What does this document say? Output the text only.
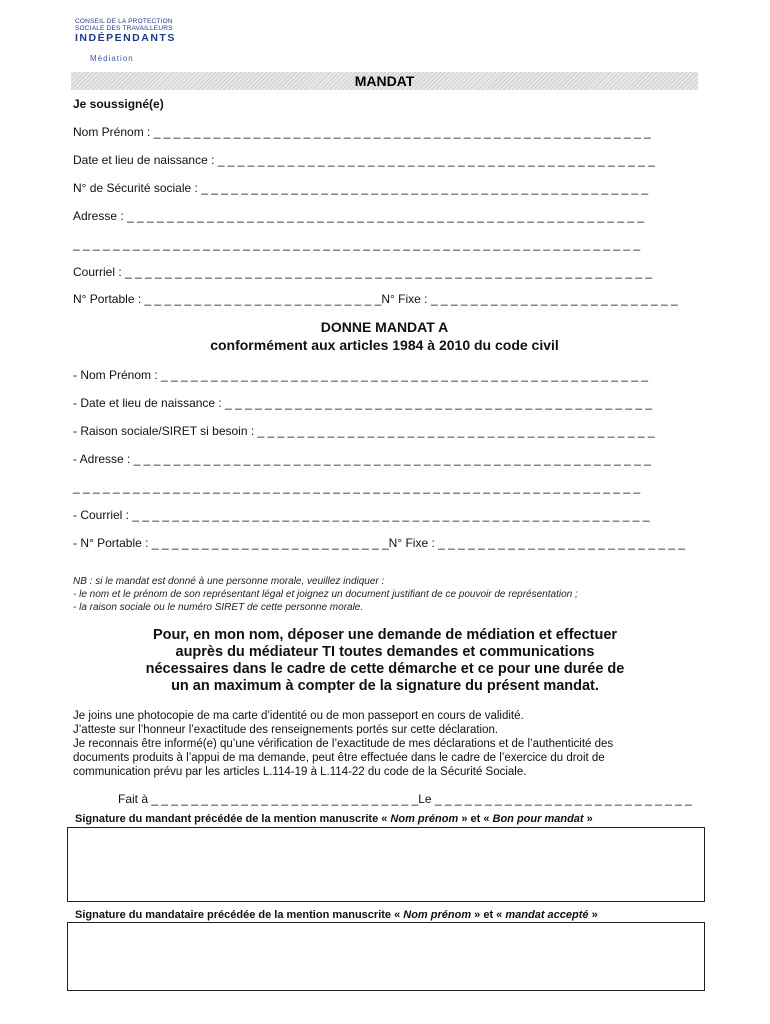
CONSEIL DE LA PROTECTION
SOCIALE DES TRAVAILLEURS
INDÉPENDANTS
Médiation
MANDAT
Je soussigné(e)
Nom Prénom : _ _ _ _ _ _ _ _ _ _ _ _ _ _ _ _ _ _ _ _ _ _ _ _ _ _ _ _ _ _ _ _ _ _ _ _ _ _ _ _ _ _ _ _ _ _ _ _ _ _
Date et lieu de naissance : _ _ _ _ _ _ _ _ _ _ _ _ _ _ _ _ _ _ _ _ _ _ _ _ _ _ _ _ _ _ _ _ _ _ _ _ _ _ _ _ _ _ _ _
N° de Sécurité sociale : _ _ _ _ _ _ _ _ _ _ _ _ _ _ _ _ _ _ _ _ _ _ _ _ _ _ _ _ _ _ _ _ _ _ _ _ _ _ _ _ _ _ _ _ _
Adresse : _ _ _ _ _ _ _ _ _ _ _ _ _ _ _ _ _ _ _ _ _ _ _ _ _ _ _ _ _ _ _ _ _ _ _ _ _ _ _ _ _ _ _ _ _ _ _ _ _ _ _ _
_ _ _ _ _ _ _ _ _ _ _ _ _ _ _ _ _ _ _ _ _ _ _ _ _ _ _ _ _ _ _ _ _ _ _ _ _ _ _ _ _ _ _ _ _ _ _ _ _ _ _ _ _ _ _ _ _
Courriel : _ _ _ _ _ _ _ _ _ _ _ _ _ _ _ _ _ _ _ _ _ _ _ _ _ _ _ _ _ _ _ _ _ _ _ _ _ _ _ _ _ _ _ _ _ _ _ _ _ _ _ _ _
N° Portable : _ _ _ _ _ _ _ _ _ _ _ _ _ _ _ _ _ _ _ _ _ _ _ _N° Fixe : _ _ _ _ _ _ _ _ _ _ _ _ _ _ _ _ _ _ _ _ _ _ _ _ _
DONNE MANDAT A
conformément aux articles 1984 à 2010 du code civil
- Nom Prénom : _ _ _ _ _ _ _ _ _ _ _ _ _ _ _ _ _ _ _ _ _ _ _ _ _ _ _ _ _ _ _ _ _ _ _ _ _ _ _ _ _ _ _ _ _ _ _ _ _
- Date et lieu de naissance : _ _ _ _ _ _ _ _ _ _ _ _ _ _ _ _ _ _ _ _ _ _ _ _ _ _ _ _ _ _ _ _ _ _ _ _ _ _ _ _ _ _ _
- Raison sociale/SIRET si besoin : _ _ _ _ _ _ _ _ _ _ _ _ _ _ _ _ _ _ _ _ _ _ _ _ _ _ _ _ _ _ _ _ _ _ _ _ _ _ _ _
- Adresse : _ _ _ _ _ _ _ _ _ _ _ _ _ _ _ _ _ _ _ _ _ _ _ _ _ _ _ _ _ _ _ _ _ _ _ _ _ _ _ _ _ _ _ _ _ _ _ _ _ _ _ _
_ _ _ _ _ _ _ _ _ _ _ _ _ _ _ _ _ _ _ _ _ _ _ _ _ _ _ _ _ _ _ _ _ _ _ _ _ _ _ _ _ _ _ _ _ _ _ _ _ _ _ _ _ _ _ _ _
- Courriel : _ _ _ _ _ _ _ _ _ _ _ _ _ _ _ _ _ _ _ _ _ _ _ _ _ _ _ _ _ _ _ _ _ _ _ _ _ _ _ _ _ _ _ _ _ _ _ _ _ _ _ _
- N° Portable : _ _ _ _ _ _ _ _ _ _ _ _ _ _ _ _ _ _ _ _ _ _ _ _N° Fixe : _ _ _ _ _ _ _ _ _ _ _ _ _ _ _ _ _ _ _ _ _ _ _ _ _
NB : si le mandat est donné à une personne morale, veuillez indiquer :
- le nom et le prénom de son représentant légal et joignez un document justifiant de ce pouvoir de représentation ;
- la raison sociale ou le numéro SIRET de cette personne morale.
Pour, en mon nom, déposer une demande de médiation et effectuer
auprès du médiateur TI toutes demandes et communications
nécessaires dans le cadre de cette démarche et ce pour une durée de
un an maximum à compter de la signature du présent mandat.
Je joins une photocopie de ma carte d’identité ou de mon passeport en cours de validité.
J’atteste sur l’honneur l’exactitude des renseignements portés sur cette déclaration.
Je reconnais être informé(e) qu’une vérification de l’exactitude de mes déclarations et de l’authenticité des
documents produits à l’appui de ma demande, peut être effectuée dans le cadre de l’exercice du droit de
communication prévu par les articles L.114-19 à L.114-22 du code de la Sécurité Sociale.
Fait à _ _ _ _ _ _ _ _ _ _ _ _ _ _ _ _ _ _ _ _ _ _ _ _ _ _ _Le _ _ _ _ _ _ _ _ _ _ _ _ _ _ _ _ _ _ _ _ _ _ _ _ _ _
Signature du mandant précédée de la mention manuscrite « Nom prénom » et « Bon pour mandat »
Signature du mandataire précédée de la mention manuscrite « Nom prénom » et « mandat accepté »
